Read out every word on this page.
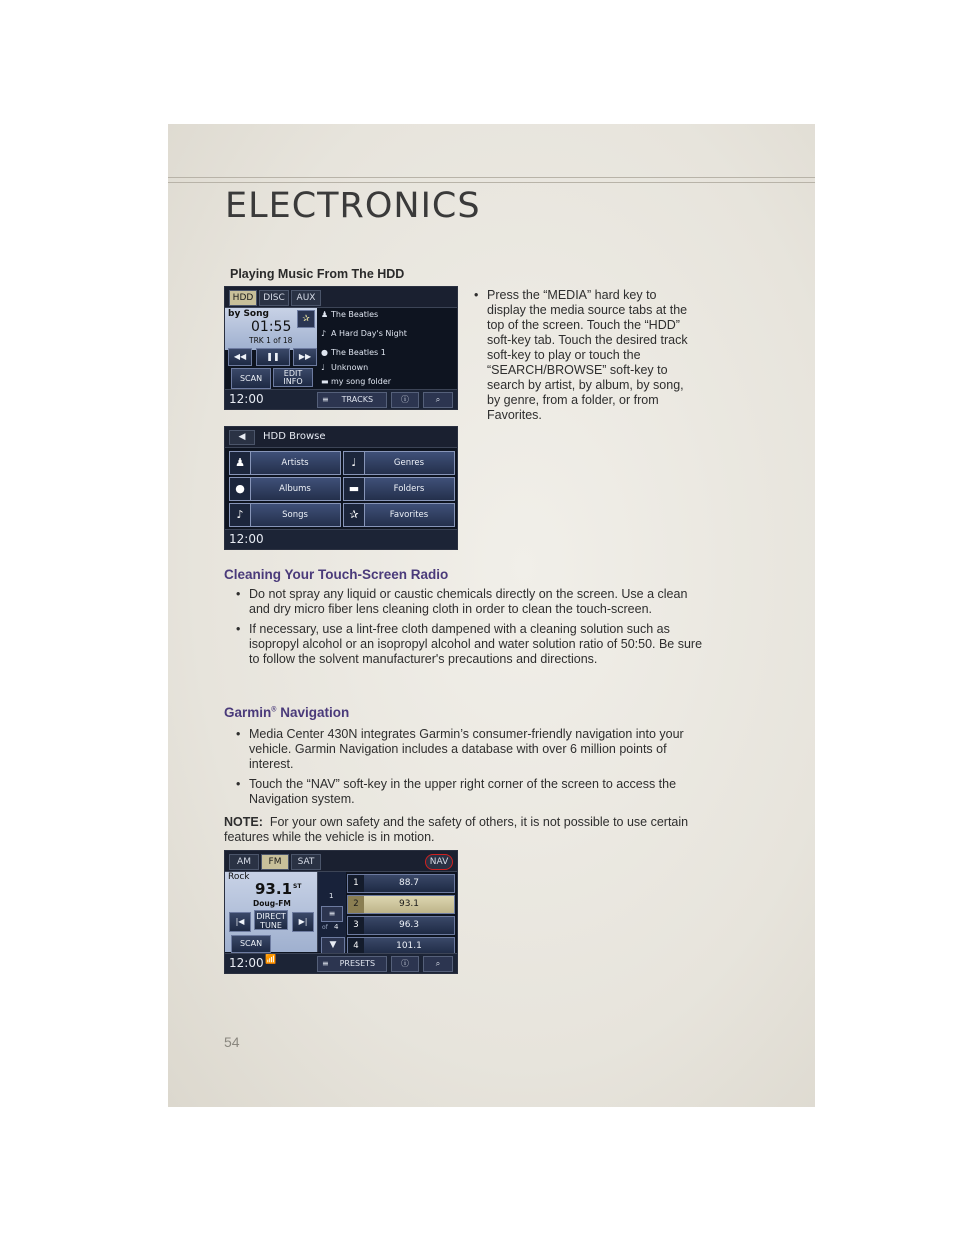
ELECTRONICS
Playing Music From The HDD
HDD	DISC	AUX
by Song	✰
01:55
TRK 1 of 18
◀◀	❚❚	▶▶
SCAN
EDIT
INFO
♟ The Beatles
♪ A Hard Day's Night
● The Beatles 1
♩ Unknown
▬ my song folder
12:00	≡ TRACKS	ⓘ	⌕
• Press the “MEDIA” hard key to display the media source tabs at the top of the screen. Touch the “HDD” soft-key tab. Touch the desired track soft-key to play or touch the “SEARCH/BROWSE” soft-key to search by artist, by album, by song, by genre, from a folder, or from Favorites.
◀	HDD Browse
♟	Artists	♩	Genres
●	Albums	▬	Folders
♪	Songs	✰	Favorites
12:00
Cleaning Your Touch-Screen Radio
• Do not spray any liquid or caustic chemicals directly on the screen. Use a clean and dry micro fiber lens cleaning cloth in order to clean the touch-screen.
• If necessary, use a lint-free cloth dampened with a cleaning solution such as isopropyl alcohol or an isopropyl alcohol and water solution ratio of 50:50. Be sure to follow the solvent manufacturer's precautions and directions.
Garmin® Navigation
• Media Center 430N integrates Garmin’s consumer-friendly navigation into your vehicle. Garmin Navigation includes a database with over 6 million points of interest.
• Touch the “NAV” soft-key in the upper right corner of the screen to access the Navigation system.
NOTE: For your own safety and the safety of others, it is not possible to use certain features while the vehicle is in motion.
AM	FM	SAT	NAV
Rock
93.1 ST
Doug-FM
|◀
DIRECT
TUNE	▶|
SCAN
1
≡
of 4
1	88.7
2	93.1
3	96.3
▼	4	101.1
12:00 📶	≡ PRESETS	ⓘ	⌕
54
